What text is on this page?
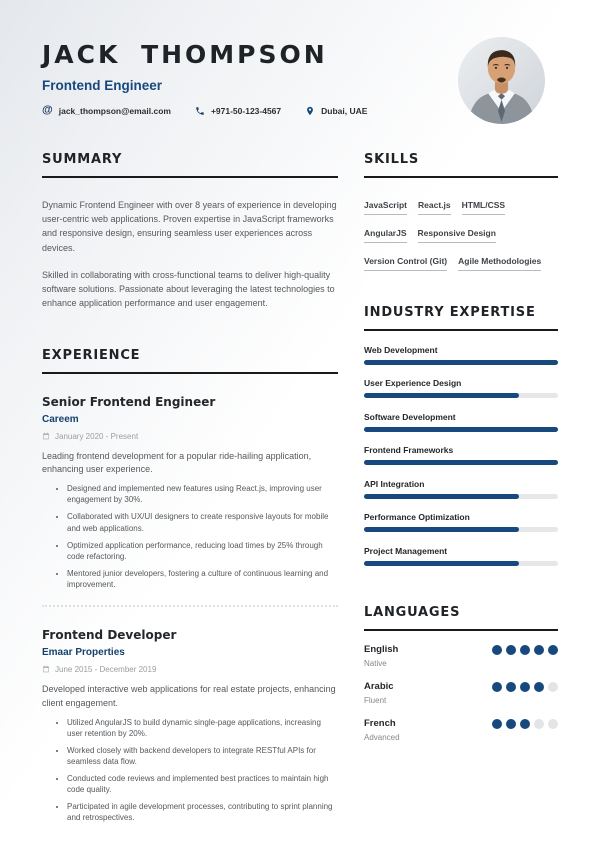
JACK THOMPSON
Frontend Engineer
@ jack_thompson@email.com	+971-50-123-4567	Dubai, UAE
SUMMARY

Dynamic Frontend Engineer with over 8 years of experience in developing user-centric web applications. Proven expertise in JavaScript frameworks and responsive design, ensuring seamless user experiences across devices.

Skilled in collaborating with cross-functional teams to deliver high-quality software solutions. Passionate about leveraging the latest technologies to enhance application performance and user engagement.

EXPERIENCE
Senior Frontend Engineer
Careem
January 2020 - Present
Leading frontend development for a popular ride-hailing application, enhancing user experience.
• Designed and implemented new features using React.js, improving user engagement by 30%.
• Collaborated with UX/UI designers to create responsive layouts for mobile and web applications.
• Optimized application performance, reducing load times by 25% through code refactoring.
• Mentored junior developers, fostering a culture of continuous learning and improvement.
Frontend Developer
Emaar Properties
June 2015 - December 2019
Developed interactive web applications for real estate projects, enhancing client engagement.
• Utilized AngularJS to build dynamic single-page applications, increasing user retention by 20%.
• Worked closely with backend developers to integrate RESTful APIs for seamless data flow.
• Conducted code reviews and implemented best practices to maintain high code quality.
• Participated in agile development processes, contributing to sprint planning and retrospectives.
SKILLS
JavaScript React.js HTML/CSS
AngularJS Responsive Design
Version Control (Git) Agile Methodologies
INDUSTRY EXPERTISE
Web Development
User Experience Design
Software Development
Frontend Frameworks
API Integration
Performance Optimization
Project Management
LANGUAGES
English
Native
Arabic
Fluent
French
Advanced
